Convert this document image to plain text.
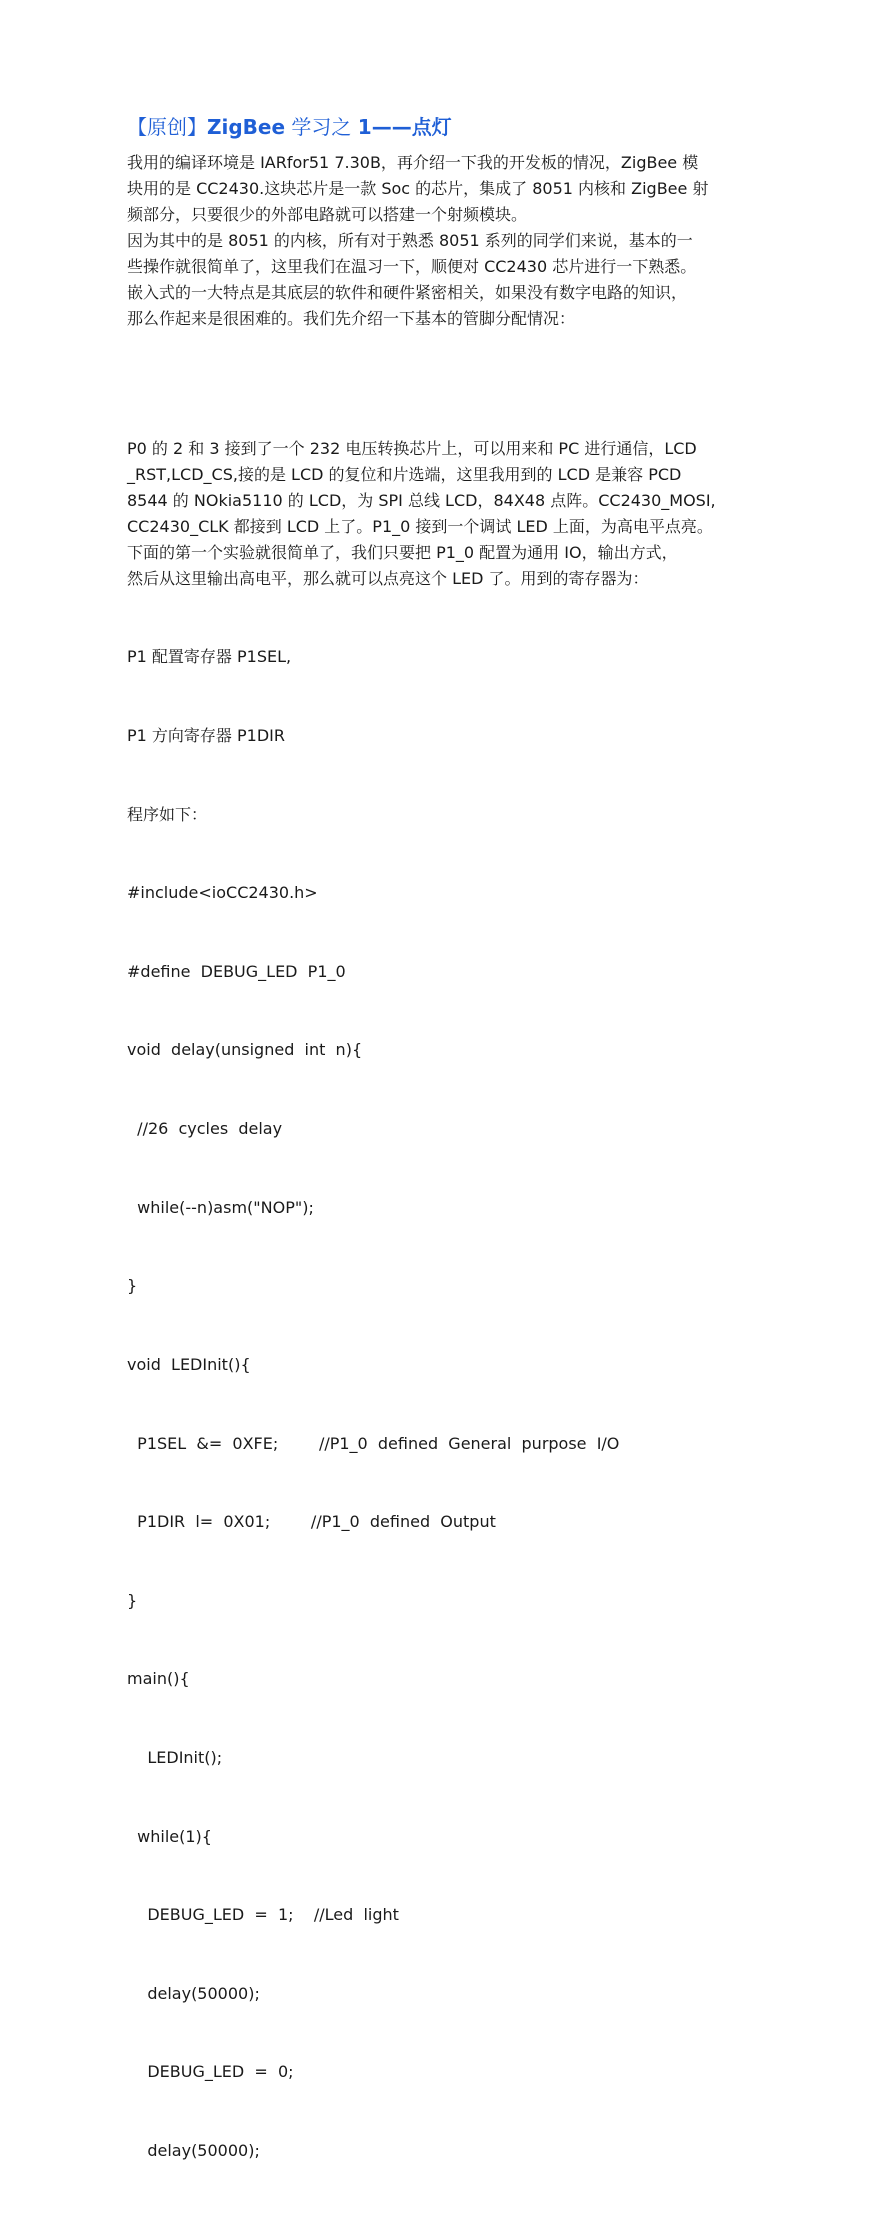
【原创】ZigBee 学习之 1——点灯
我用的编译环境是 IARfor51 7.30B，再介绍一下我的开发板的情况，ZigBee 模
块用的是 CC2430.这块芯片是一款 Soc 的芯片，集成了 8051 内核和 ZigBee 射
频部分，只要很少的外部电路就可以搭建一个射频模块。
因为其中的是 8051 的内核，所有对于熟悉 8051 系列的同学们来说，基本的一
些操作就很简单了，这里我们在温习一下，顺便对 CC2430 芯片进行一下熟悉。
嵌入式的一大特点是其底层的软件和硬件紧密相关，如果没有数字电路的知识，
那么作起来是很困难的。我们先介绍一下基本的管脚分配情况：
P0 的 2 和 3 接到了一个 232 电压转换芯片上，可以用来和 PC 进行通信，LCD
_RST,LCD_CS,接的是 LCD 的复位和片选端，这里我用到的 LCD 是兼容 PCD
8544 的 NOkia5110 的 LCD，为 SPI 总线 LCD，84X48 点阵。CC2430_MOSI,
CC2430_CLK 都接到 LCD 上了。P1_0 接到一个调试 LED 上面，为高电平点亮。
下面的第一个实验就很简单了，我们只要把 P1_0 配置为通用 IO，输出方式，
然后从这里输出高电平，那么就可以点亮这个 LED 了。用到的寄存器为：

P1 配置寄存器 P1SEL,

P1 方向寄存器 P1DIR

程序如下：

#include<ioCC2430.h>

#define  DEBUG_LED  P1_0

void  delay(unsigned  int  n){

//26  cycles  delay

while(--n)asm("NOP");

}

void  LEDInit(){

P1SEL  &=  0XFE;        //P1_0  defined  General  purpose  I/O

P1DIR  l=  0X01;        //P1_0  defined  Output

}

main(){

LEDInit();

while(1){

DEBUG_LED  =  1;    //Led  light

delay(50000);

DEBUG_LED  =  0;

delay(50000);
